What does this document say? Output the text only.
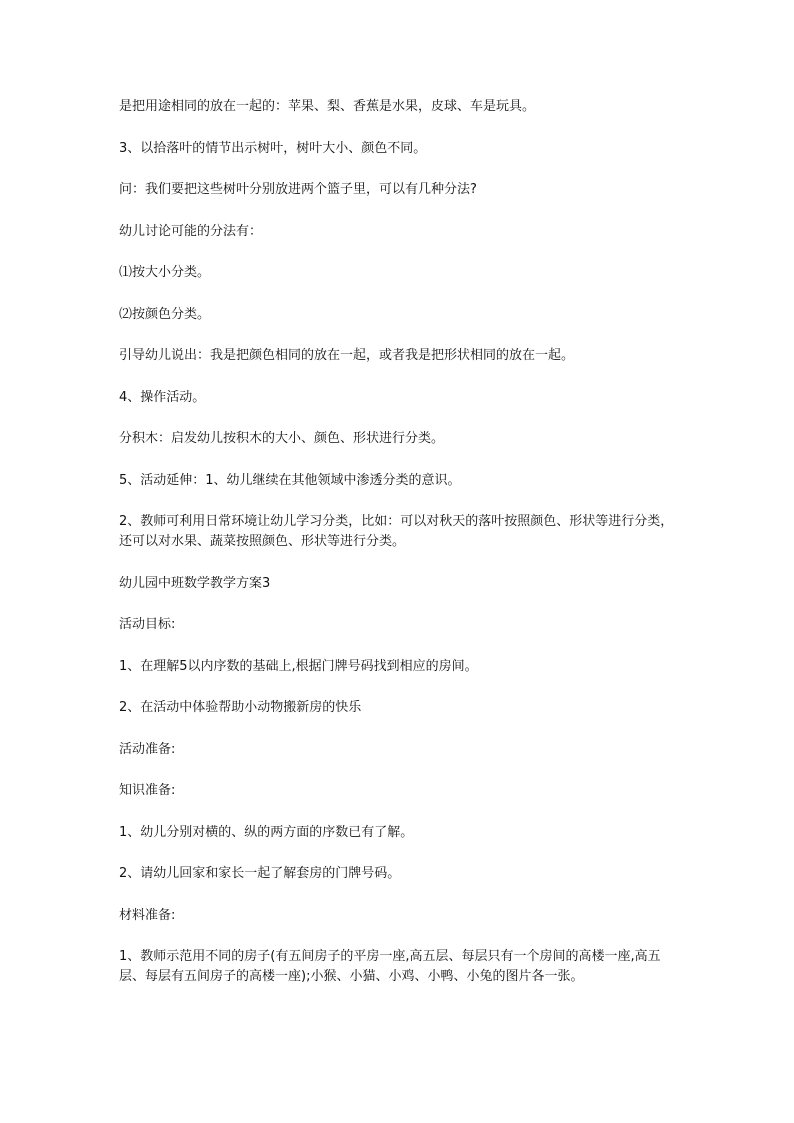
是把用途相同的放在一起的：苹果、梨、香蕉是水果，皮球、车是玩具。

3、以拾落叶的情节出示树叶，树叶大小、颜色不同。

问：我们要把这些树叶分别放进两个篮子里，可以有几种分法?

幼儿讨论可能的分法有：

⑴按大小分类。

⑵按颜色分类。

引导幼儿说出：我是把颜色相同的放在一起，或者我是把形状相同的放在一起。

4、操作活动。

分积木：启发幼儿按积木的大小、颜色、形状进行分类。

5、活动延伸：1、幼儿继续在其他领域中渗透分类的意识。

2、教师可利用日常环境让幼儿学习分类，比如：可以对秋天的落叶按照颜色、形状等进行分类，还可以对水果、蔬菜按照颜色、形状等进行分类。

幼儿园中班数学教学方案3

活动目标:

1、在理解5以内序数的基础上,根据门牌号码找到相应的房间。

2、在活动中体验帮助小动物搬新房的快乐

活动准备:

知识准备:

1、幼儿分别对横的、纵的两方面的序数已有了解。

2、请幼儿回家和家长一起了解套房的门牌号码。

材料准备:

1、教师示范用不同的房子(有五间房子的平房一座,高五层、每层只有一个房间的高楼一座,高五层、每层有五间房子的高楼一座);小猴、小猫、小鸡、小鸭、小兔的图片各一张。
